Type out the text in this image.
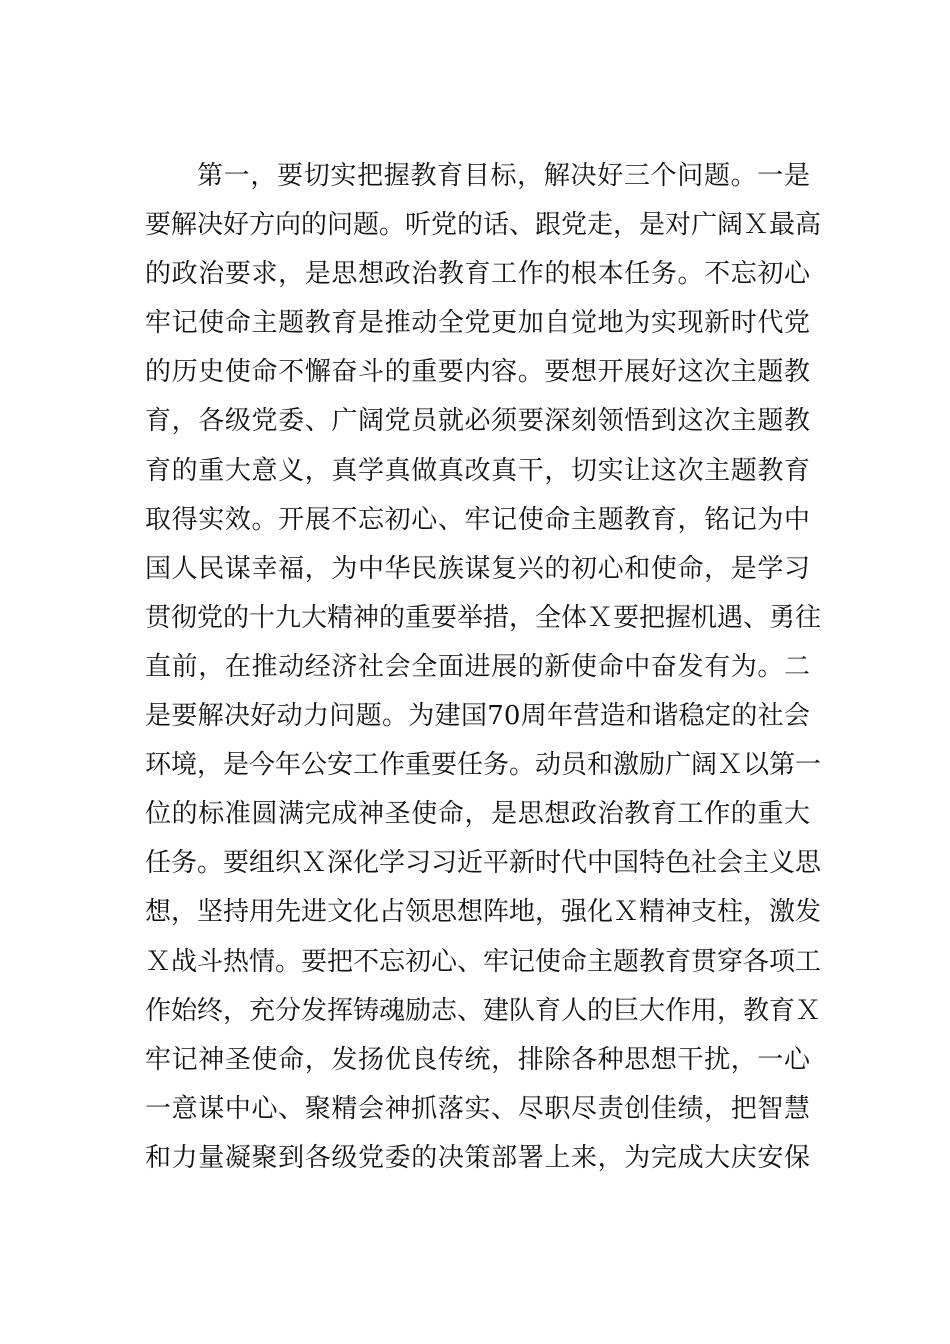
第一，要切实把握教育目标，解决好三个问题。一是
要解决好方向的问题。听党的话、跟党走，是对广阔Ｘ最高
的政治要求，是思想政治教育工作的根本任务。不忘初心
牢记使命主题教育是推动全党更加自觉地为实现新时代党
的历史使命不懈奋斗的重要内容。要想开展好这次主题教
育，各级党委、广阔党员就必须要深刻领悟到这次主题教
育的重大意义，真学真做真改真干，切实让这次主题教育
取得实效。开展不忘初心、牢记使命主题教育，铭记为中
国人民谋幸福，为中华民族谋复兴的初心和使命，是学习
贯彻党的十九大精神的重要举措，全体Ｘ要把握机遇、勇往
直前，在推动经济社会全面进展的新使命中奋发有为。二
是要解决好动力问题。为建国70周年营造和谐稳定的社会
环境，是今年公安工作重要任务。动员和激励广阔Ｘ以第一
位的标准圆满完成神圣使命，是思想政治教育工作的重大
任务。要组织Ｘ深化学习习近平新时代中国特色社会主义思
想，坚持用先进文化占领思想阵地，强化Ｘ精神支柱，激发
Ｘ战斗热情。要把不忘初心、牢记使命主题教育贯穿各项工
作始终，充分发挥铸魂励志、建队育人的巨大作用，教育Ｘ
牢记神圣使命，发扬优良传统，排除各种思想干扰，一心
一意谋中心、聚精会神抓落实、尽职尽责创佳绩，把智慧
和力量凝聚到各级党委的决策部署上来，为完成大庆安保
